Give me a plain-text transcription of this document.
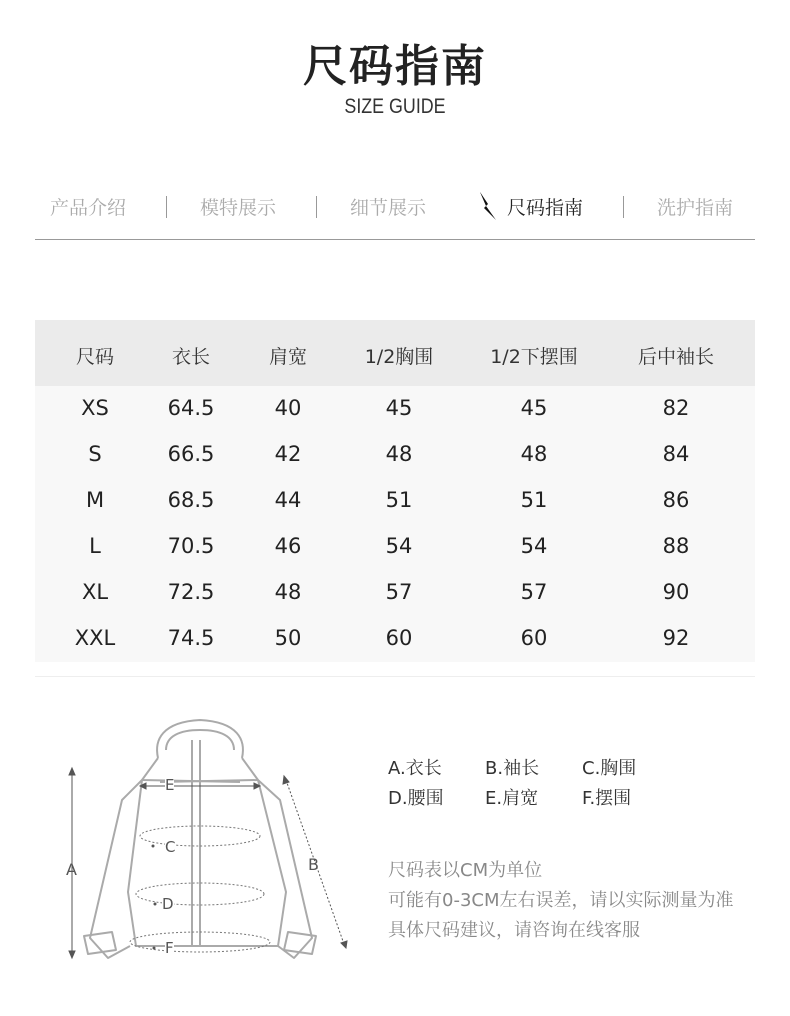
尺码指南
SIZE GUIDE
产品介绍	模特展示	细节展示	尺码指南	洗护指南
尺码	衣长	肩宽	1/2胸围	1/2下摆围	后中袖长
XS	64.5	40	45	45	82
S	66.5	42	48	48	84
M	68.5	44	51	51	86
L	70.5	46	54	54	88
XL	72.5	48	57	57	90
XXL 74.5	50	60	60	92
A	B
C
D
E
F
A.衣长 B.袖长 C.胸围
D.腰围 E.肩宽 F.摆围
尺码表以CM为单位
可能有0-3CM左右误差，请以实际测量为准
具体尺码建议，请咨询在线客服
